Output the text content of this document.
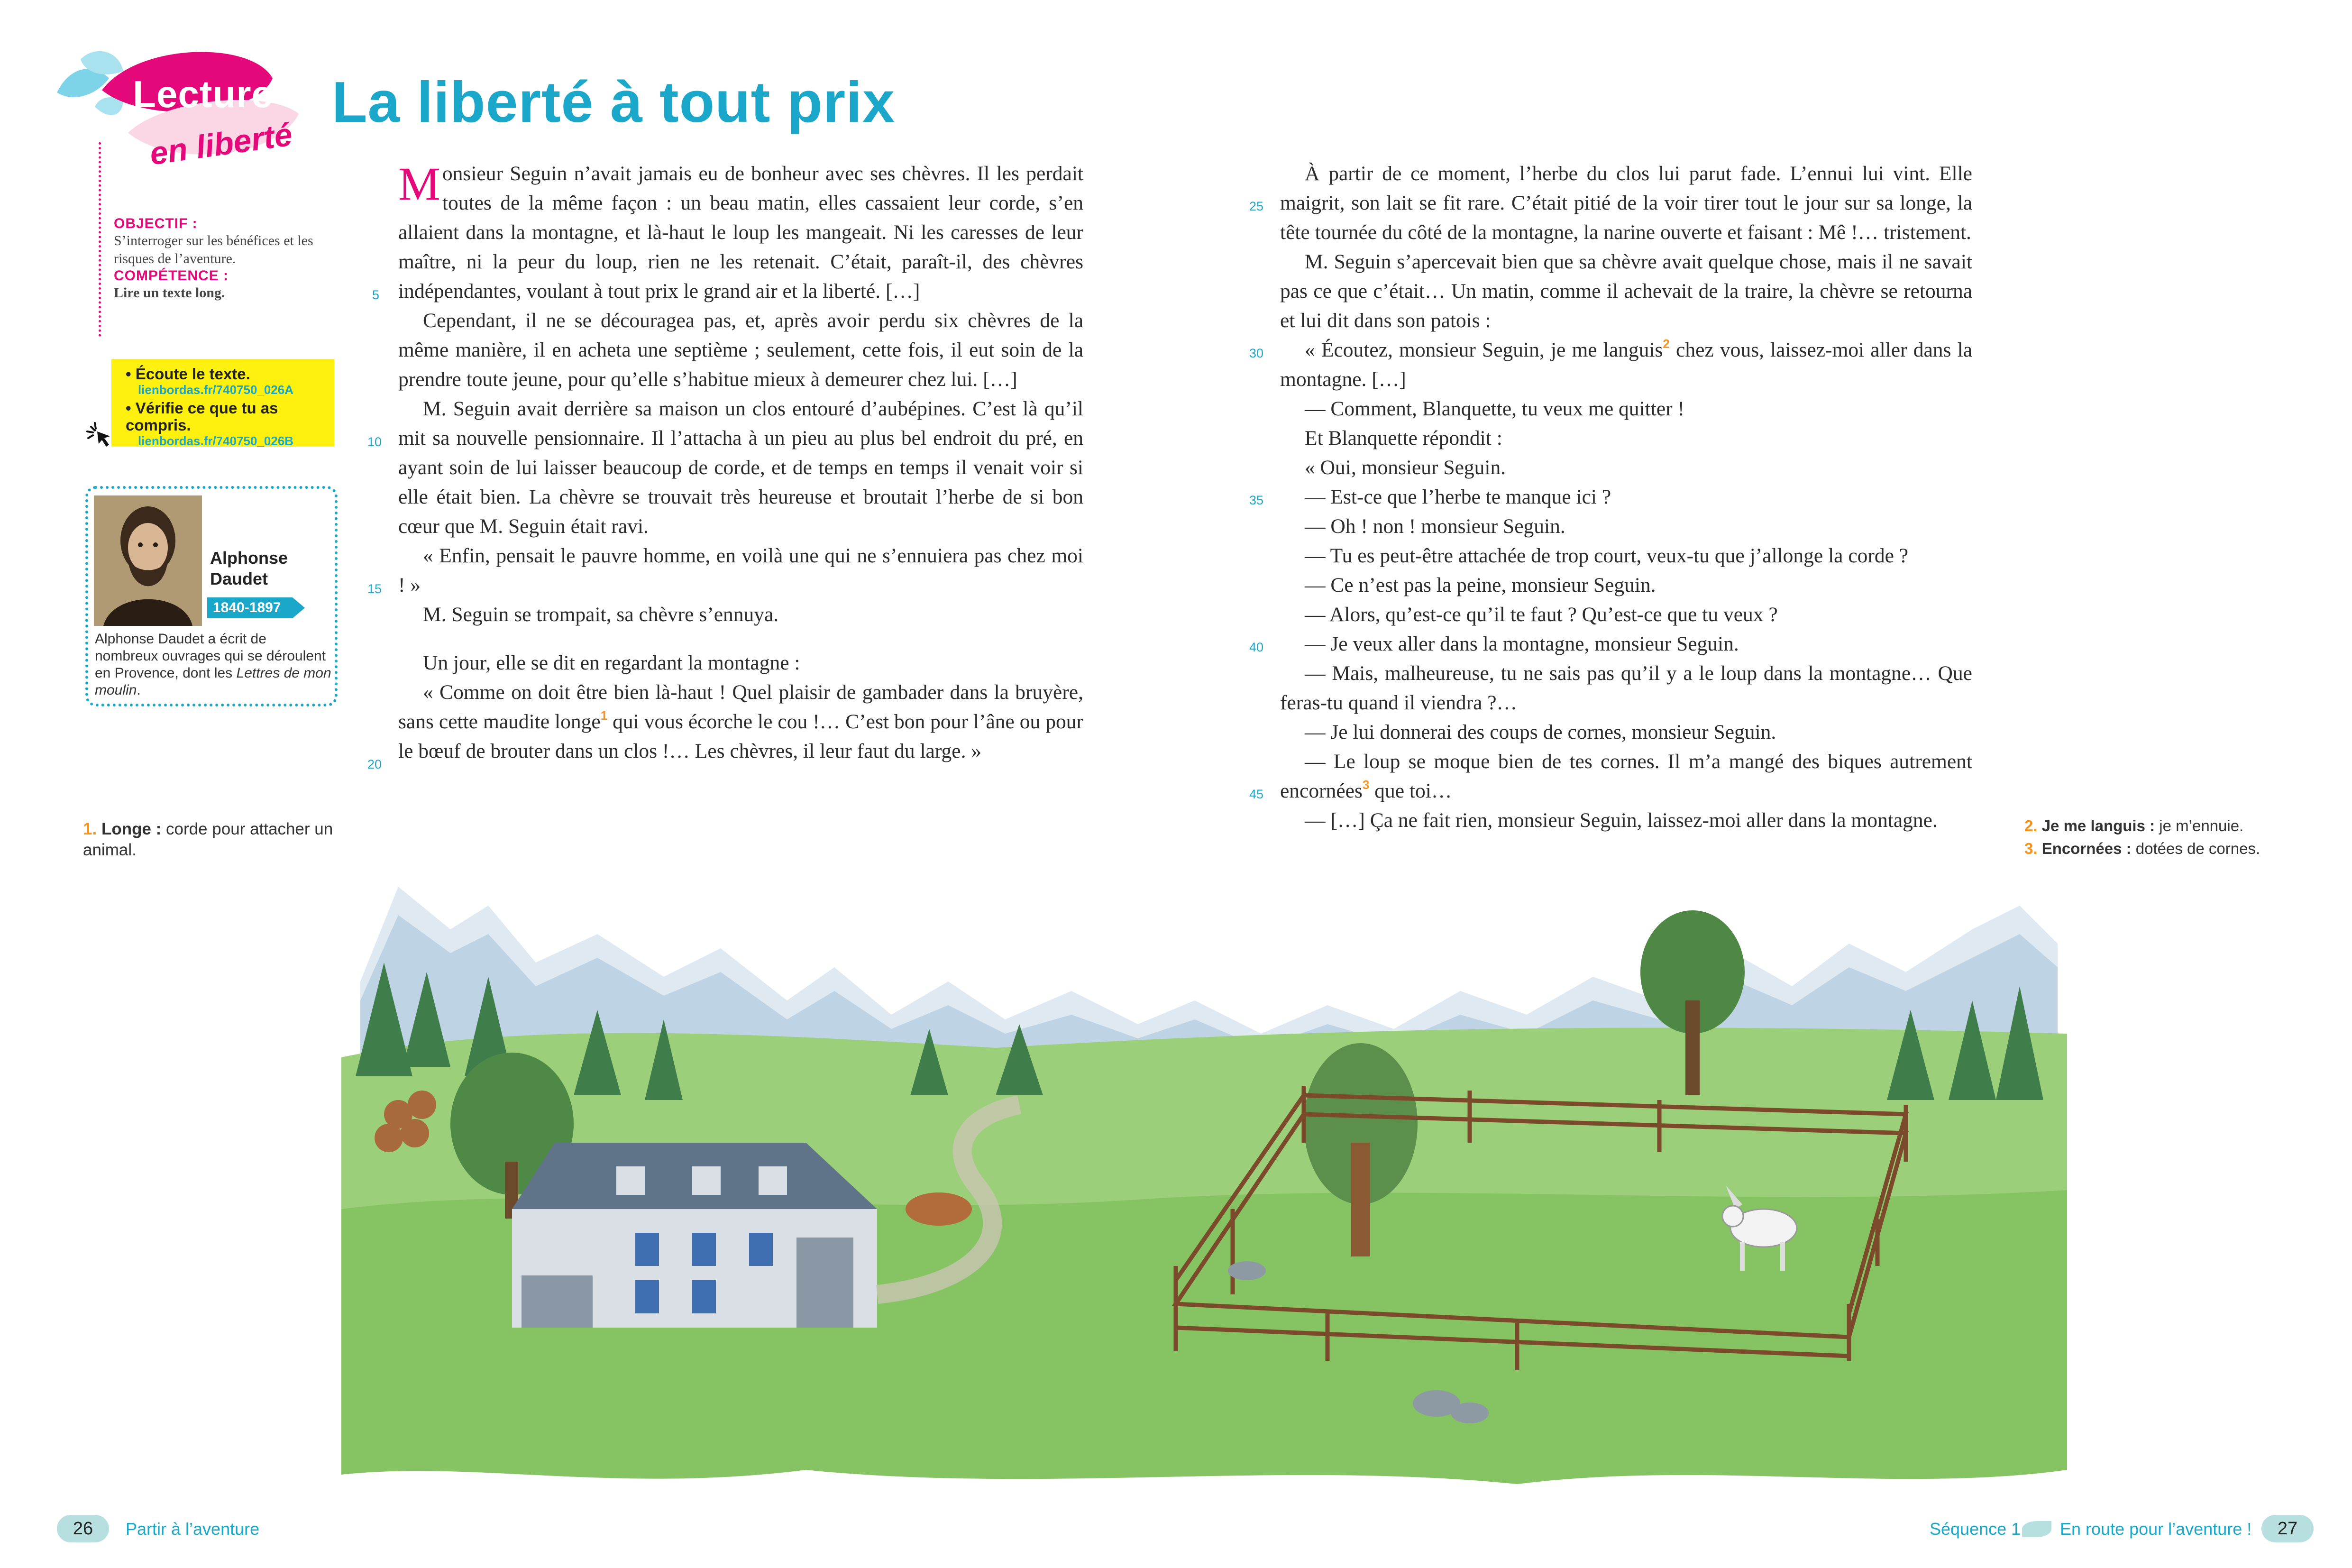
Lecture 5
en liberté
La liberté à tout prix
OBJECTIF :
S’interroger sur les bénéfices et les risques de l’aventure.
COMPÉTENCE :
Lire un texte long.
• Écoute le texte.
lienbordas.fr/740750_026A
• Vérifie ce que tu as compris.
lienbordas.fr/740750_026B
Alphonse
Daudet
1840-1897
Alphonse Daudet a écrit de nombreux ouvrages qui se déroulent en Provence, dont les Lettres de mon moulin.

Monsieur Seguin n’avait jamais eu de bonheur avec ses chèvres. Il les perdait toutes de la même façon : un beau matin, elles cassaient leur corde, s’en allaient dans la montagne, et là-haut le loup les mangeait. Ni les caresses de leur maître, ni la peur du loup, rien ne les retenait. C’était, paraît-il, des chèvres indépendantes, voulant à tout prix le grand air et la liberté. […]

Cependant, il ne se découragea pas, et, après avoir perdu six chèvres de la même manière, il en acheta une septième ; seulement, cette fois, il eut soin de la prendre toute jeune, pour qu’elle s’habitue mieux à demeurer chez lui. […]

M. Seguin avait derrière sa maison un clos entouré d’aubépines. C’est là qu’il mit sa nouvelle pensionnaire. Il l’attacha à un pieu au plus bel endroit du pré, en ayant soin de lui laisser beaucoup de corde, et de temps en temps il venait voir si elle était bien. La chèvre se trouvait très heureuse et broutait l’herbe de si bon cœur que M. Seguin était ravi.

« Enfin, pensait le pauvre homme, en voilà une qui ne s’ennuiera pas chez moi ! »

M. Seguin se trompait, sa chèvre s’ennuya.

Un jour, elle se dit en regardant la montagne :

« Comme on doit être bien là-haut ! Quel plaisir de gambader dans la bruyère, sans cette maudite longe$^1$ qui vous écorche le cou !… C’est bon pour l’âne ou pour le bœuf de brouter dans un clos !… Les chèvres, il leur faut du large. »

5
10
15
20
25
30
35
40
45

À partir de ce moment, l’herbe du clos lui parut fade. L’ennui lui vint. Elle maigrit, son lait se fit rare. C’était pitié de la voir tirer tout le jour sur sa longe, la tête tournée du côté de la montagne, la narine ouverte et faisant : Mê !… tristement.

M. Seguin s’apercevait bien que sa chèvre avait quelque chose, mais il ne savait pas ce que c’était… Un matin, comme il achevait de la traire, la chèvre se retourna et lui dit dans son patois :

« Écoutez, monsieur Seguin, je me languis$^2$ chez vous, laissez-moi aller dans la montagne. […]

— Comment, Blanquette, tu veux me quitter !

Et Blanquette répondit :

« Oui, monsieur Seguin.

— Est-ce que l’herbe te manque ici ?

— Oh ! non ! monsieur Seguin.

— Tu es peut-être attachée de trop court, veux-tu que j’allonge la corde ?

— Ce n’est pas la peine, monsieur Seguin.

— Alors, qu’est-ce qu’il te faut ? Qu’est-ce que tu veux ?

— Je veux aller dans la montagne, monsieur Seguin.

— Mais, malheureuse, tu ne sais pas qu’il y a le loup dans la montagne… Que feras-tu quand il viendra ?…

— Je lui donnerai des coups de cornes, monsieur Seguin.

— Le loup se moque bien de tes cornes. Il m’a mangé des biques autrement encornées$^3$ que toi…

— […] Ça ne fait rien, monsieur Seguin, laissez-moi aller dans la montagne.

1. Longe : corde pour attacher un animal.
2. Je me languis : je m’ennuie.
3. Encornées : dotées de cornes.
26	Partir à l’aventure	Séquence 1 En route pour l’aventure !	27
